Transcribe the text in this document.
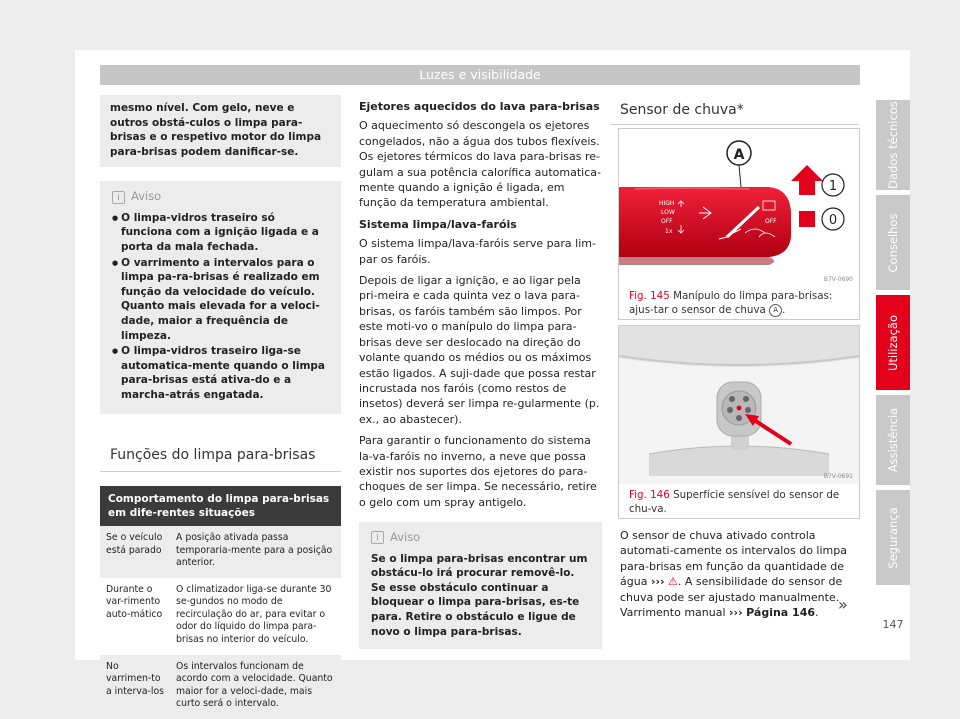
Luzes e visibilidade
mesmo nível. Com gelo, neve e outros obstá-culos o limpa para-brisas e o respetivo motor do limpa para-brisas podem danificar-se.
i Aviso
● O limpa-vidros traseiro só funciona com a ignição ligada e a porta da mala fechada.
● O varrimento a intervalos para o limpa pa-ra-brisas é realizado em função da velocidade do veículo. Quanto mais elevada for a veloci-dade, maior a frequência de limpeza.
● O limpa-vidros traseiro liga-se automatica-mente quando o limpa para-brisas está ativa-do e a marcha-atrás engatada.
Funções do limpa para-brisas
Comportamento do limpa para-brisas em dife-rentes situações	
Se o veículo está parado	A posição ativada passa temporaria-mente para a posição anterior.
Durante o var-rimento auto-mático	O climatizador liga-se durante 30 se-gundos no modo de recirculação do ar, para evitar o odor do líquido do limpa para-brisas no interior do veículo.
No varrimen-to a interva-los	Os intervalos funcionam de acordo com a velocidade. Quanto maior for a veloci-dade, mais curto será o intervalo.

Ejetores aquecidos do lava para-brisas

O aquecimento só descongela os ejetores congelados, não a água dos tubos flexíveis. Os ejetores térmicos do lava para-brisas re-gulam a sua potência calorífica automatica-mente quando a ignição é ligada, em função da temperatura ambiental.

Sistema limpa/lava-faróis

O sistema limpa/lava-faróis serve para lim-par os faróis.

Depois de ligar a ignição, e ao ligar pela pri-meira e cada quinta vez o lava para-brisas, os faróis também são limpos. Por este moti-vo o manípulo do limpa para-brisas deve ser deslocado na direção do volante quando os médios ou os máximos estão ligados. A suji-dade que possa restar incrustada nos faróis (como restos de insetos) deverá ser limpa re-gularmente (p. ex., ao abastecer).

Para garantir o funcionamento do sistema la-va-faróis no inverno, a neve que possa existir nos suportes dos ejetores do para-choques de ser limpa. Se necessário, retire o gelo com um spray antigelo.

i Aviso
Se o limpa para-brisas encontrar um obstácu-lo irá procurar removê-lo. Se esse obstáculo continuar a bloquear o limpa para-brisas, es-te para. Retire o obstáculo e ligue de novo o limpa para-brisas.
Sensor de chuva*
HIGH
LOW
OFF
1x
OFF
A
1
0
B7V-0690
Fig. 145 Manípulo do limpa para-brisas: ajus-tar o sensor de chuva A .
B7V-0691
Fig. 146 Superfície sensível do sensor de chu-va.

O sensor de chuva ativado controla automati-camente os intervalos do limpa para-brisas em função da quantidade de água ››› ⚠. A sensibilidade do sensor de chuva pode ser ajustado manualmente. Varrimento manual ››› Página 146.	»
Dados técnicos
Conselhos
Utilização
Assistência
Segurança
147
